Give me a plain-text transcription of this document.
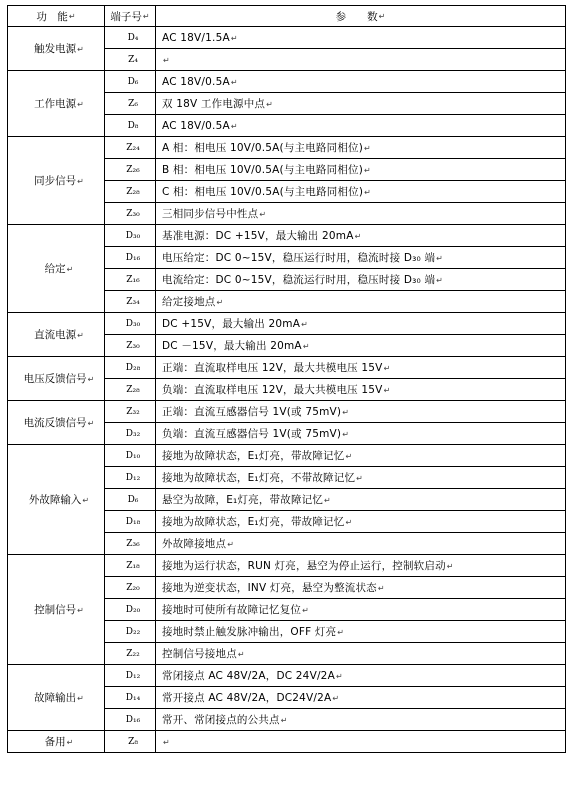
功　能↵	端子号↵	参　　数↵
触发电源↵	D₄	AC 18V/1.5A↵
	Z₄	↵
工作电源↵	D₆	AC 18V/0.5A↵
	Z₆	双 18V 工作电源中点↵
	D₈	AC 18V/0.5A↵
同步信号↵	Z₂₄	A 相：相电压 10V/0.5A(与主电路同相位)↵
	Z₂₆	B 相：相电压 10V/0.5A(与主电路同相位)↵
	Z₂₈	C 相：相电压 10V/0.5A(与主电路同相位)↵
	Z₃₀	三相同步信号中性点↵
给定↵	D₃₀	基准电源：DC +15V，最大输出 20mA↵
	D₁₆	电压给定：DC 0~15V，稳压运行时用，稳流时接 D₃₀ 端↵
	Z₁₆	电流给定：DC 0~15V，稳流运行时用，稳压时接 D₃₀ 端↵
	Z₃₄	给定接地点↵
直流电源↵	D₃₀	DC +15V，最大输出 20mA↵
	Z₃₀	DC －15V，最大输出 20mA↵
电压反馈信号↵	D₂₈	正端：直流取样电压 12V，最大共模电压 15V↵
	Z₂₈	负端：直流取样电压 12V，最大共模电压 15V↵
电流反馈信号↵	Z₃₂	正端：直流互感器信号 1V(或 75mV)↵
	D₃₂	负端：直流互感器信号 1V(或 75mV)↵
外故障输入↵	D₁₀	接地为故障状态，E₁灯亮，带故障记忆↵
	D₁₂	接地为故障状态，E₁灯亮，不带故障记忆↵
	D₆	悬空为故障，E₁灯亮，带故障记忆↵
	D₁₈	接地为故障状态，E₁灯亮，带故障记忆↵
	Z₃₆	外故障接地点↵
控制信号↵	Z₁₈	接地为运行状态，RUN 灯亮，悬空为停止运行，控制软启动↵
	Z₂₀	接地为逆变状态，INV 灯亮，悬空为整流状态↵
	D₂₀	接地时可使所有故障记忆复位↵
	D₂₂	接地时禁止触发脉冲输出，OFF 灯亮↵
	Z₂₂	控制信号接地点↵
故障输出↵	D₁₂	常闭接点 AC 48V/2A，DC 24V/2A↵
	D₁₄	常开接点 AC 48V/2A，DC24V/2A↵
	D₁₆	常开、常闭接点的公共点↵
备用↵	Z₈	↵
